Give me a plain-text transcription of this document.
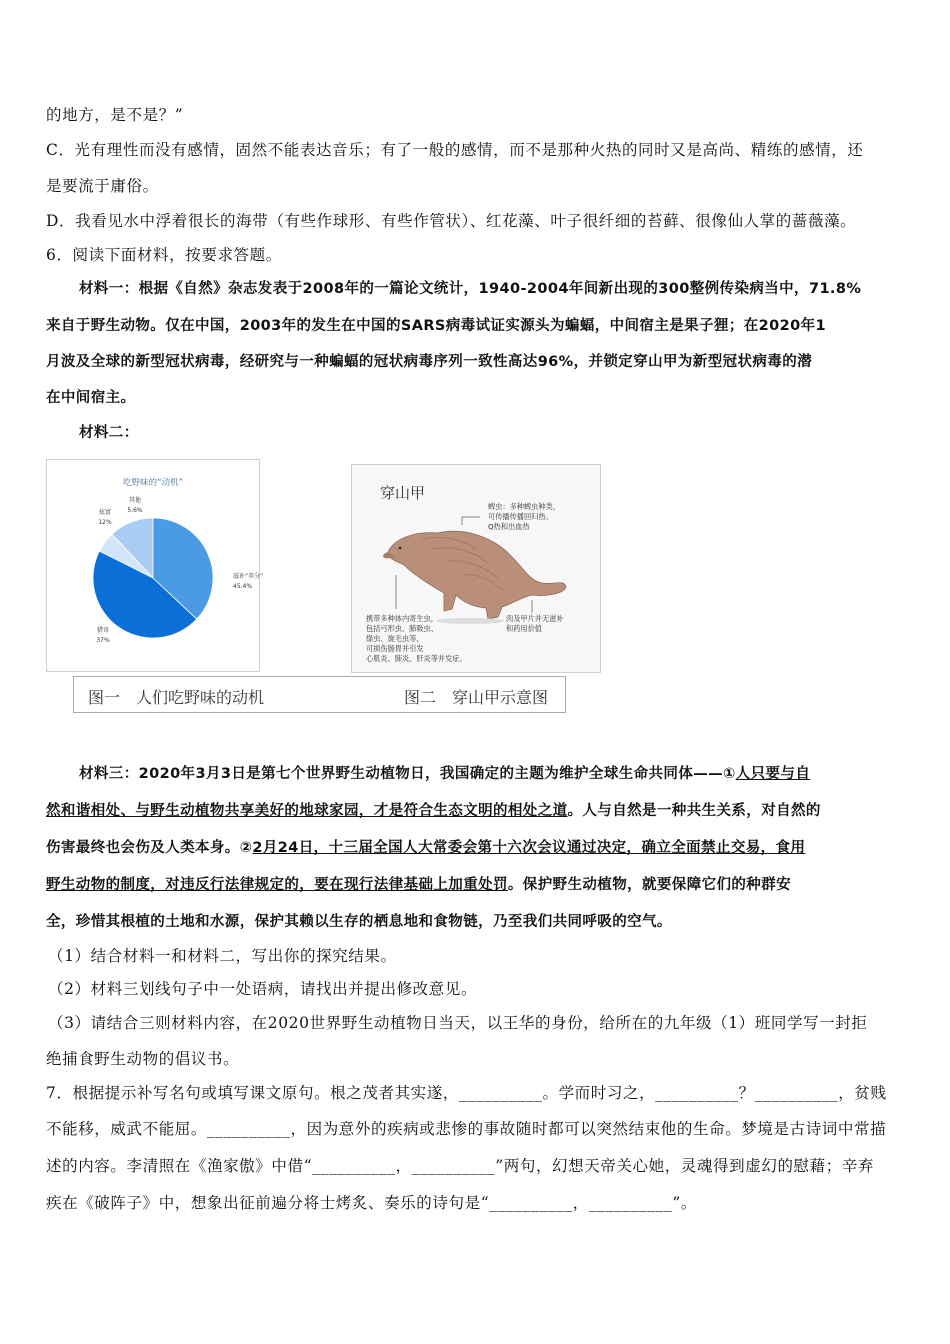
的地方，是不是？”
C．光有理性而没有感情，固然不能表达音乐；有了一般的感情，而不是那种火热的同时又是高尚、精练的感情，还
是要流于庸俗。
D．我看见水中浮着很长的海带（有些作球形、有些作管状）、红花藻、叶子很纤细的苔藓、很像仙人掌的蔷薇藻。
6．阅读下面材料，按要求答题。
材料一：根据《自然》杂志发表于2008年的一篇论文统计，1940-2004年间新出现的300整例传染病当中，71.8%
来自于野生动物。仅在中国，2003年的发生在中国的SARS病毒试证实源头为蝙蝠，中间宿主是果子狸；在2020年1
月波及全球的新型冠状病毒，经研究与一种蝙蝠的冠状病毒序列一致性高达96%，并锁定穿山甲为新型冠状病毒的潜
在中间宿主。
材料二：
吃野味的“动机”
炫富
12%
其他
5.6%
滋补“养分”
45.4%
猎奇
37%
穿山甲
蜱虫：多种蜱虫种类，
可传播传播回归热、
Q热和出血热
携带多种体内寄生虫，
包括弓形虫、肺吸虫、
绦虫、旋毛虫等，
可损伤肠胃并引发
心肌炎、肺炎、肝炎等并发症。
肉及甲片并无滋补
和药用价值
图一　人们吃野味的动机	图二　穿山甲示意图
材料三：2020年3月3日是第七个世界野生动植物日，我国确定的主题为维护全球生命共同体——①人只要与自
然和谐相处、与野生动植物共享美好的地球家园，才是符合生态文明的相处之道。人与自然是一种共生关系，对自然的
伤害最终也会伤及人类本身。②2月24日，十三届全国人大常委会第十六次会议通过决定，确立全面禁止交易，食用
野生动物的制度，对违反行法律规定的，要在现行法律基础上加重处罚。保护野生动植物，就要保障它们的种群安
全，珍惜其根植的土地和水源，保护其赖以生存的栖息地和食物链，乃至我们共同呼吸的空气。
（1）结合材料一和材料二，写出你的探究结果。
（2）材料三划线句子中一处语病，请找出并提出修改意见。
（3）请结合三则材料内容，在2020世界野生动植物日当天，以王华的身份，给所在的九年级（1）班同学写一封拒
绝捕食野生动物的倡议书。
7．根据提示补写名句或填写课文原句。根之茂者其实遂，__________。学而时习之，__________？__________，贫贱
不能移，威武不能屈。__________，因为意外的疾病或悲惨的事故随时都可以突然结束他的生命。梦境是古诗词中常描
述的内容。李清照在《渔家傲》中借“__________，__________”两句，幻想天帝关心她，灵魂得到虚幻的慰藉；辛弃
疾在《破阵子》中，想象出征前遍分将士烤炙、奏乐的诗句是“__________，__________”。
